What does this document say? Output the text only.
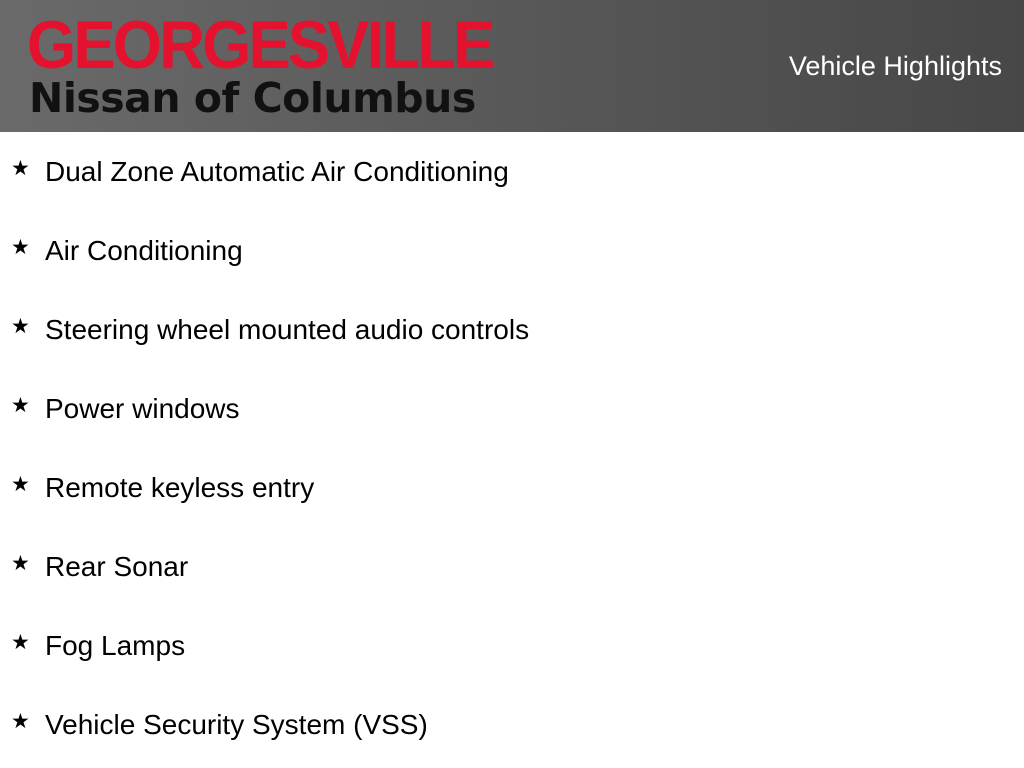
GEORGESVILLE
Nissan of Columbus
Vehicle Highlights
★ Dual Zone Automatic Air Conditioning
★ Air Conditioning
★ Steering wheel mounted audio controls
★ Power windows
★ Remote keyless entry
★ Rear Sonar
★ Fog Lamps
★ Vehicle Security System (VSS)
